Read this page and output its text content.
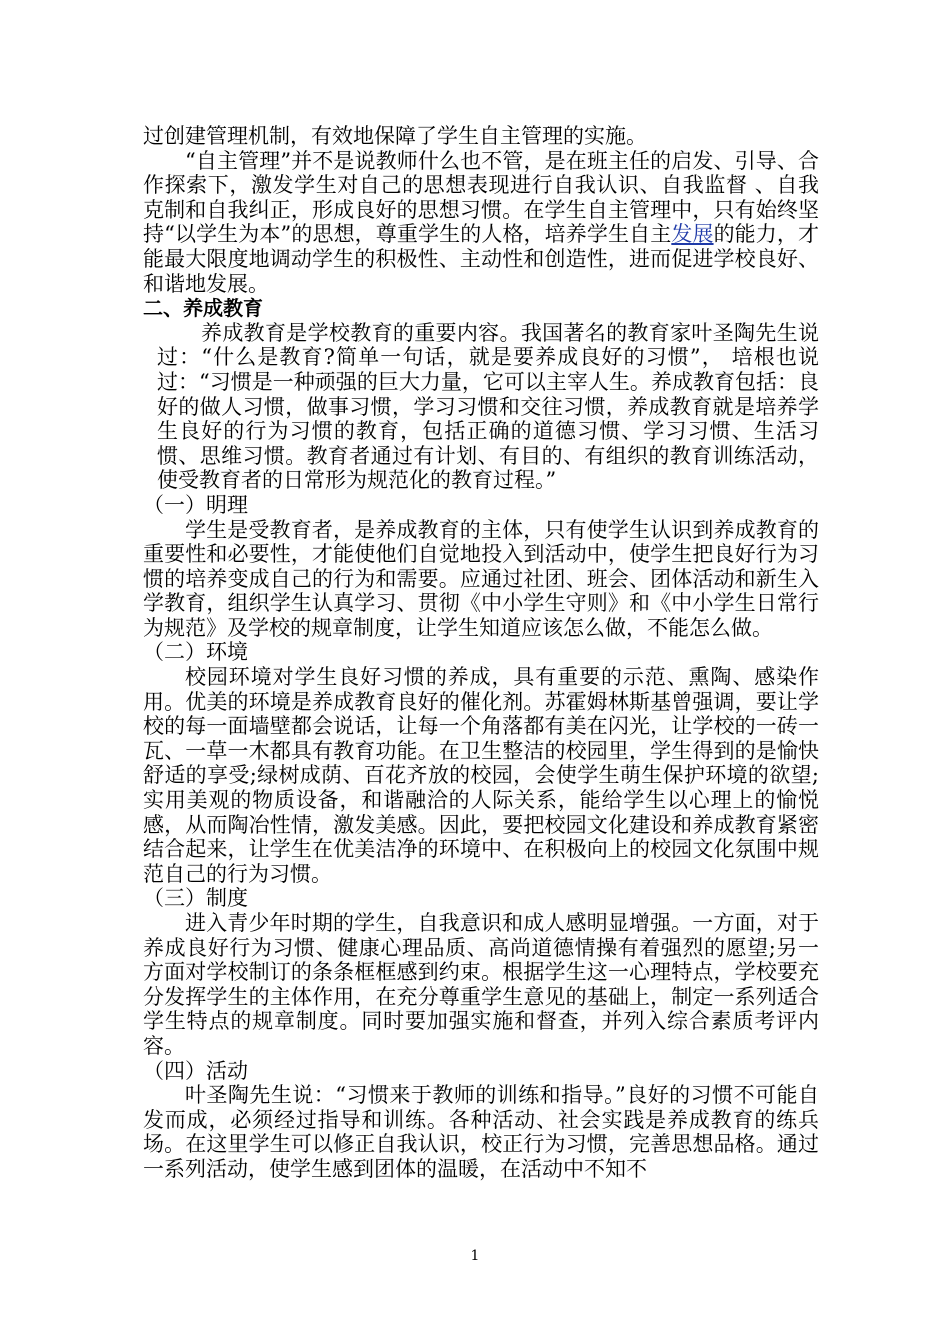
过创建管理机制，有效地保障了学生自主管理的实施。

“自主管理”并不是说教师什么也不管，是在班主任的启发、引导、合作探索下，激发学生对自己的思想表现进行自我认识、自我监督 、自我克制和自我纠正，形成良好的思想习惯。在学生自主管理中，只有始终坚持“以学生为本”的思想，尊重学生的人格，培养学生自主发展的能力，才能最大限度地调动学生的积极性、主动性和创造性，进而促进学校良好、和谐地发展。

二、养成教育

养成教育是学校教育的重要内容。我国著名的教育家叶圣陶先生说过：“什么是教育?简单一句话，就是要养成良好的习惯”， 培根也说过：“习惯是一种顽强的巨大力量，它可以主宰人生。养成教育包括：良好的做人习惯，做事习惯，学习习惯和交往习惯，养成教育就是培养学生良好的行为习惯的教育，包括正确的道德习惯、学习习惯、生活习惯、思维习惯。教育者通过有计划、有目的、有组织的教育训练活动，使受教育者的日常形为规范化的教育过程。”

（一）明理

学生是受教育者，是养成教育的主体，只有使学生认识到养成教育的重要性和必要性，才能使他们自觉地投入到活动中，使学生把良好行为习惯的培养变成自己的行为和需要。应通过社团、班会、团体活动和新生入学教育，组织学生认真学习、贯彻《中小学生守则》和《中小学生日常行为规范》及学校的规章制度，让学生知道应该怎么做，不能怎么做。

（二）环境

校园环境对学生良好习惯的养成，具有重要的示范、熏陶、感染作用。优美的环境是养成教育良好的催化剂。苏霍姆林斯基曾强调，要让学校的每一面墙壁都会说话，让每一个角落都有美在闪光，让学校的一砖一瓦、一草一木都具有教育功能。在卫生整洁的校园里，学生得到的是愉快舒适的享受;绿树成荫、百花齐放的校园，会使学生萌生保护环境的欲望;实用美观的物质设备，和谐融洽的人际关系，能给学生以心理上的愉悦感，从而陶冶性情，激发美感。因此，要把校园文化建设和养成教育紧密结合起来，让学生在优美洁净的环境中、在积极向上的校园文化氛围中规范自己的行为习惯。

（三）制度

进入青少年时期的学生，自我意识和成人感明显增强。一方面，对于养成良好行为习惯、健康心理品质、高尚道德情操有着强烈的愿望;另一方面对学校制订的条条框框感到约束。根据学生这一心理特点，学校要充分发挥学生的主体作用，在充分尊重学生意见的基础上，制定一系列适合学生特点的规章制度。同时要加强实施和督查，并列入综合素质考评内容。

（四）活动

叶圣陶先生说：“习惯来于教师的训练和指导。”良好的习惯不可能自发而成，必须经过指导和训练。各种活动、社会实践是养成教育的练兵场。在这里学生可以修正自我认识，校正行为习惯，完善思想品格。通过一系列活动，使学生感到团体的温暖，在活动中不知不

1
